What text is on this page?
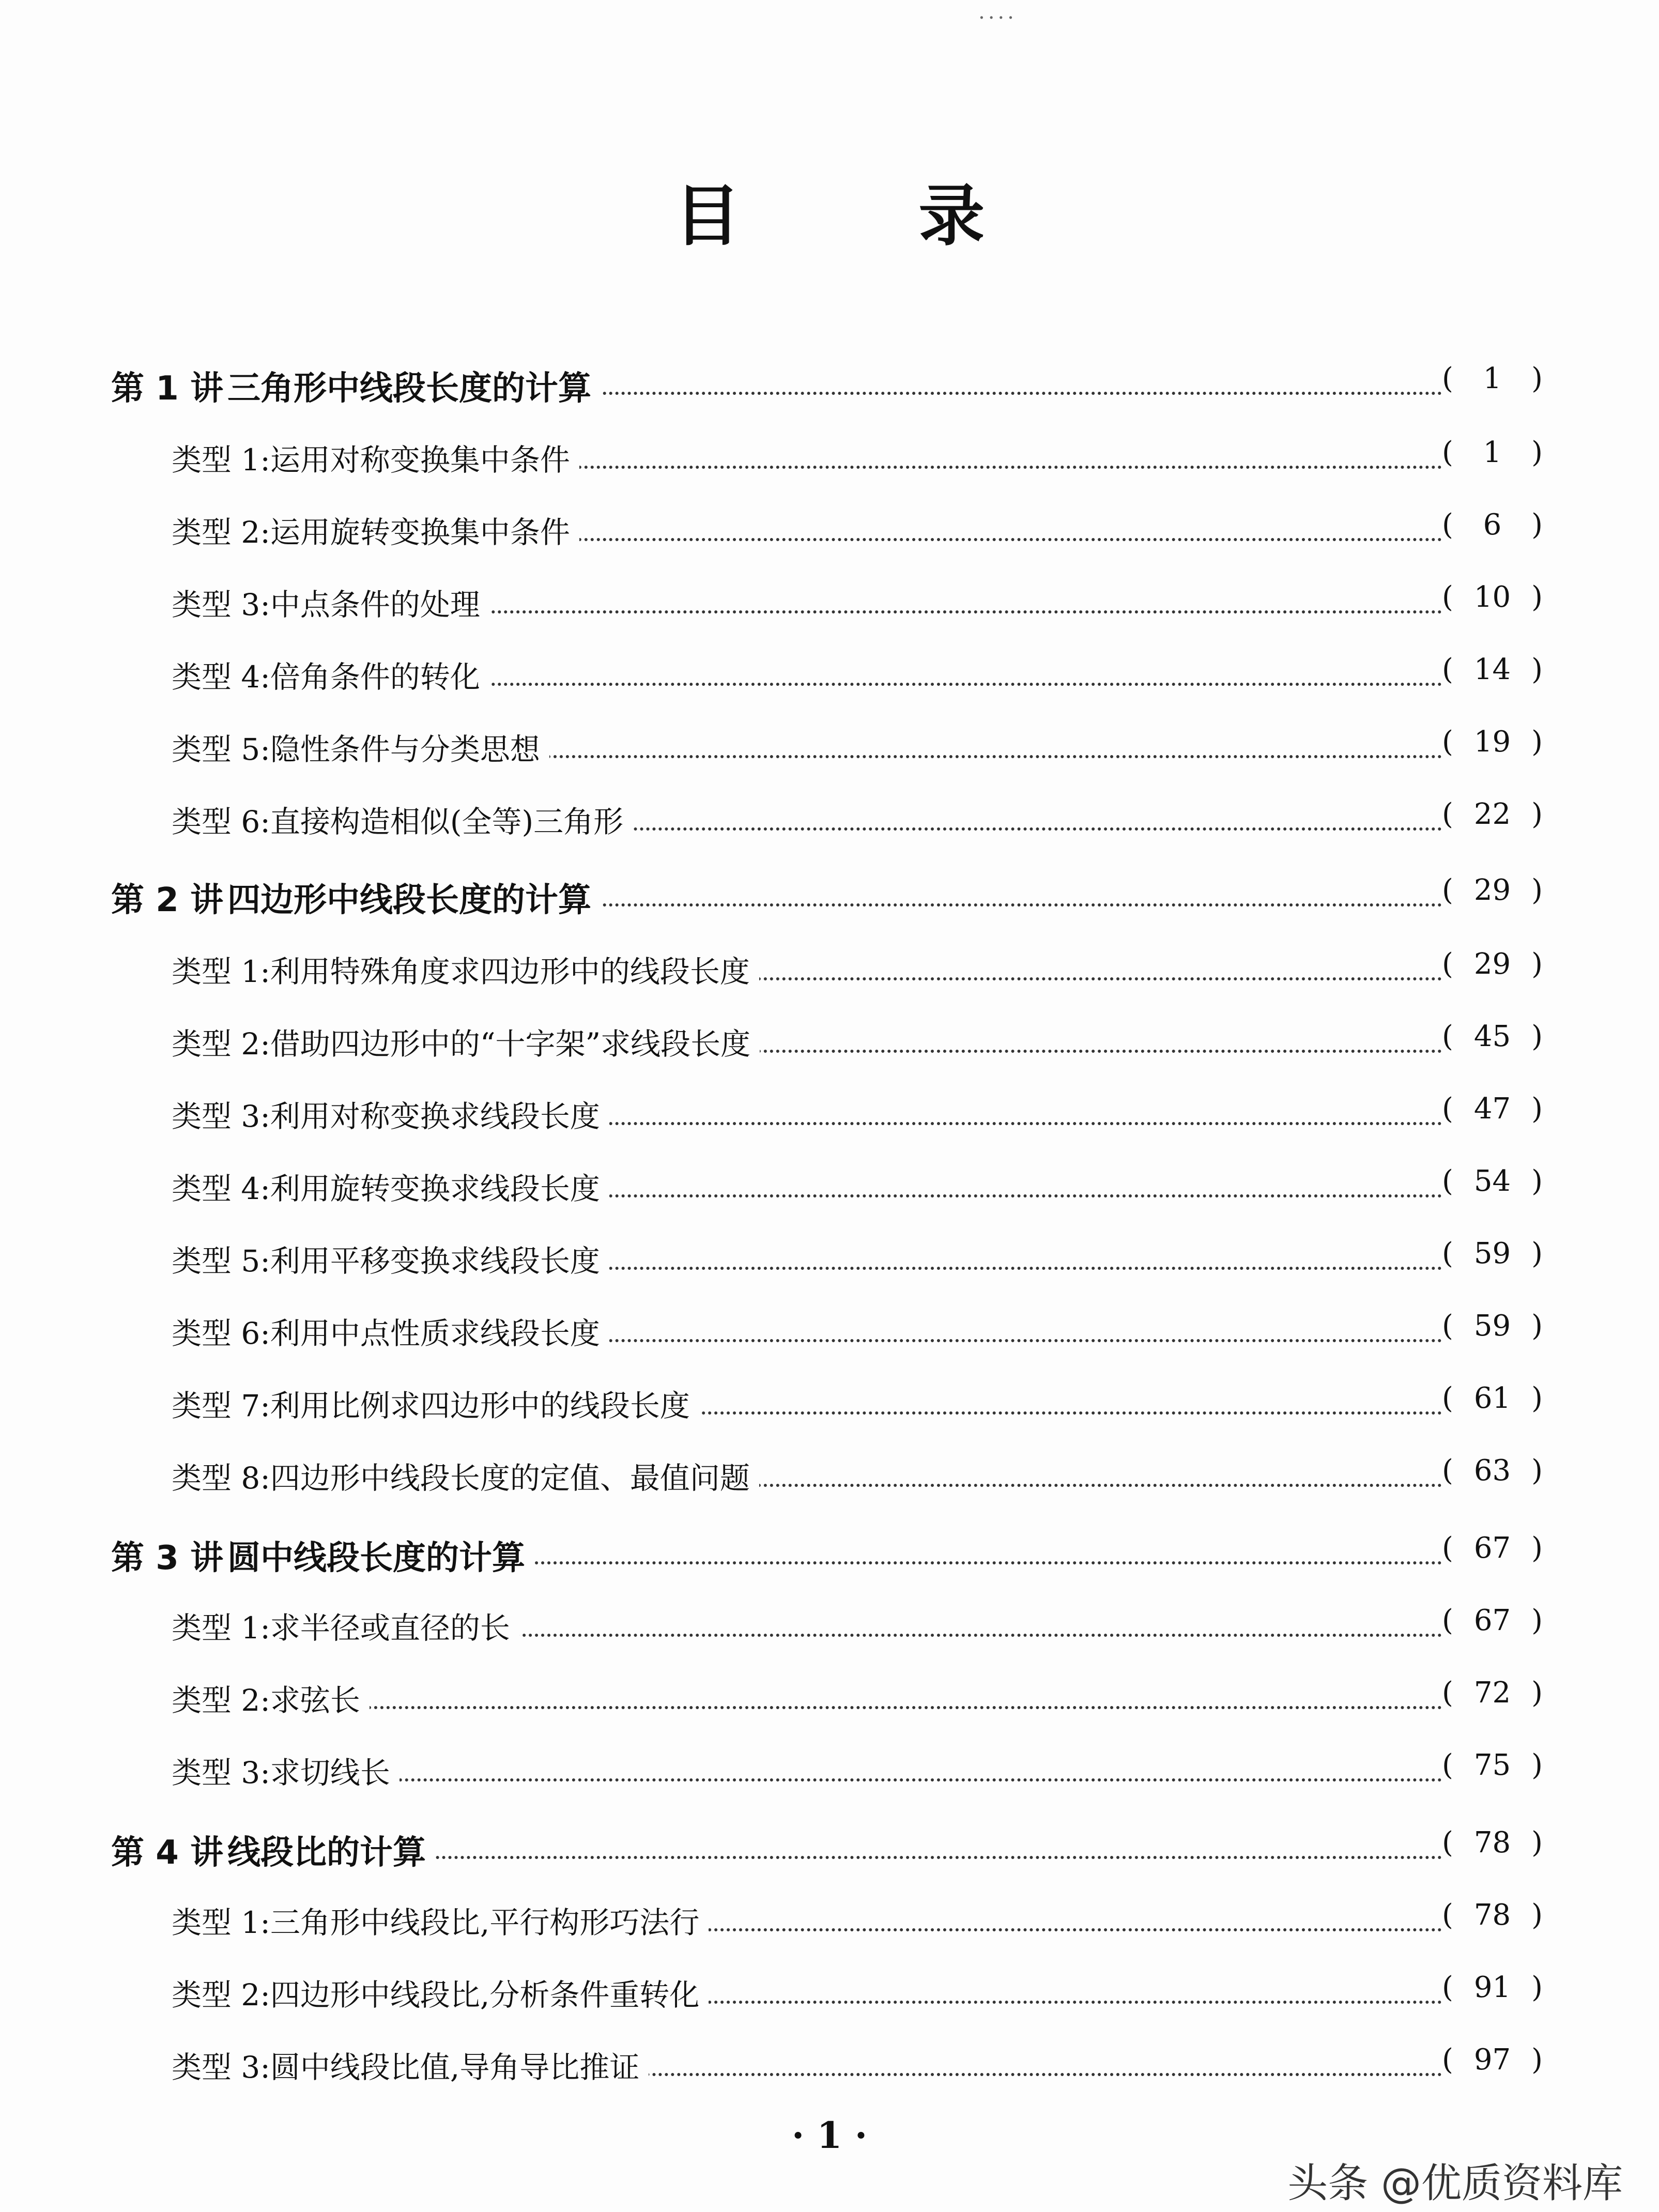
....
目 录
第 1 讲 三角形中线段长度的计算	(	1	)
类型 1:运用对称变换集中条件	(	1	)
类型 2:运用旋转变换集中条件	(	6	)
类型 3:中点条件的处理	( 10 )
类型 4:倍角条件的转化	( 14 )
类型 5:隐性条件与分类思想	( 19 )
类型 6:直接构造相似(全等)三角形	( 22 )
第 2 讲 四边形中线段长度的计算	( 29 )
类型 1:利用特殊角度求四边形中的线段长度	( 29 )
类型 2:借助四边形中的“十字架”求线段长度	( 45 )
类型 3:利用对称变换求线段长度	( 47 )
类型 4:利用旋转变换求线段长度	( 54 )
类型 5:利用平移变换求线段长度	( 59 )
类型 6:利用中点性质求线段长度	( 59 )
类型 7:利用比例求四边形中的线段长度	( 61 )
类型 8:四边形中线段长度的定值、最值问题	( 63 )
第 3 讲 圆中线段长度的计算	( 67 )
类型 1:求半径或直径的长	( 67 )
类型 2:求弦长	( 72 )
类型 3:求切线长	( 75 )
第 4 讲 线段比的计算	( 78 )
类型 1:三角形中线段比,平行构形巧法行	( 78 )
类型 2:四边形中线段比,分析条件重转化	( 91 )
类型 3:圆中线段比值,导角导比推证	( 97 )
· 1 ·
头条 @优质资料库
